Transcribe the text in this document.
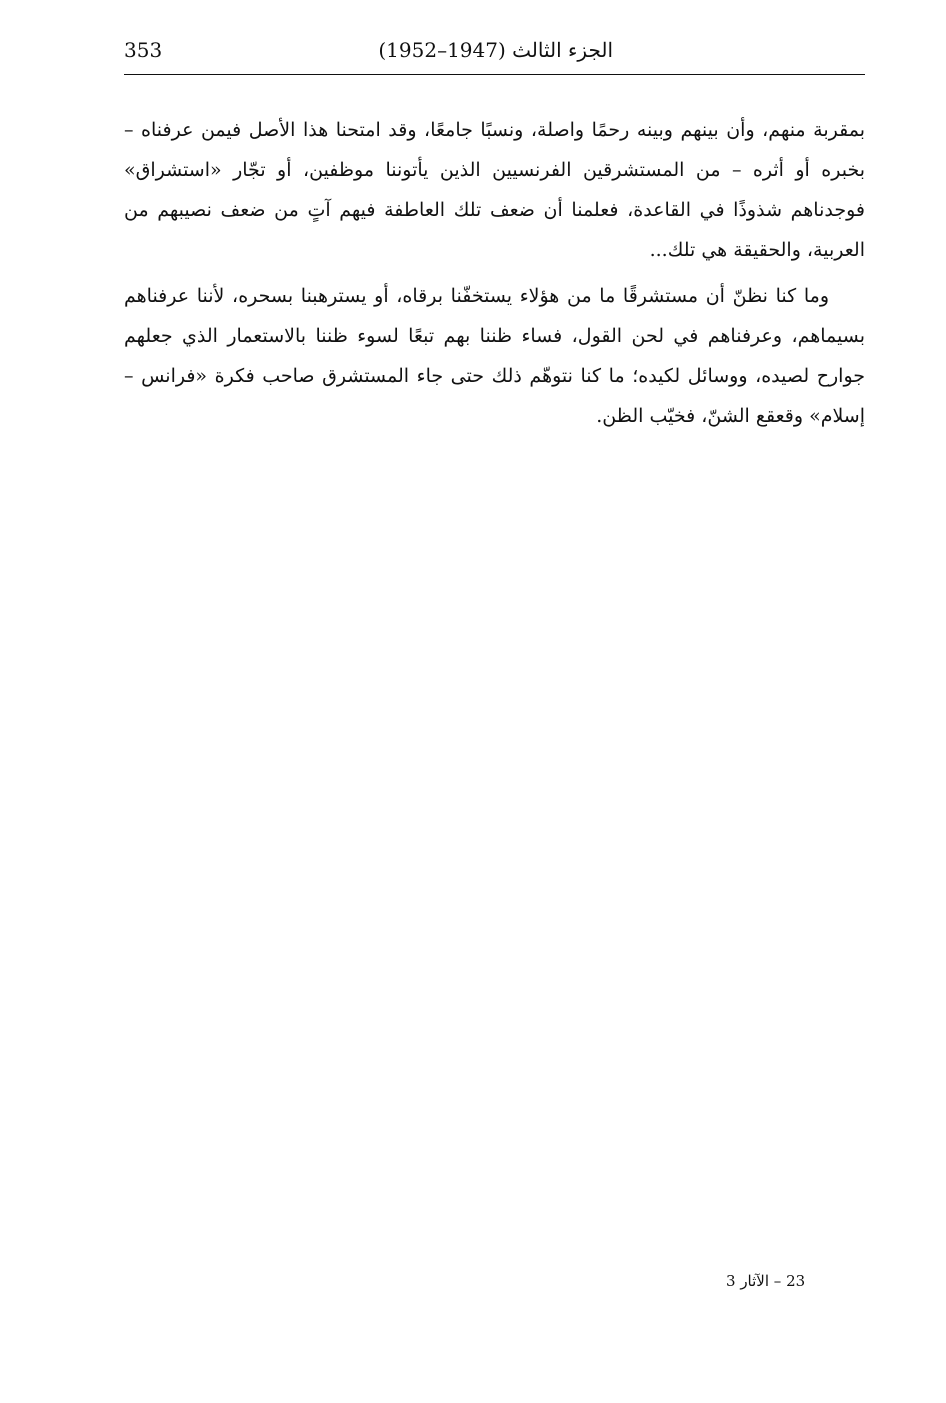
353	الجزء الثالث (1947–1952)

بمقربة منهم، وأن بينهم وبينه رحمًا واصلة، ونسبًا جامعًا، وقد امتحنا هذا الأصل فيمن عرفناه – بخبره أو أثره – من المستشرقين الفرنسيين الذين يأتوننا موظفين، أو تجّار «استشراق» فوجدناهم شذوذًا في القاعدة، فعلمنا أن ضعف تلك العاطفة فيهم آتٍ من ضعف نصيبهم من العربية، والحقيقة هي تلك...

وما كنا نظنّ أن مستشرقًا ما من هؤلاء يستخفّنا برقاه، أو يسترهبنا بسحره، لأننا عرفناهم بسيماهم، وعرفناهم في لحن القول، فساء ظننا بهم تبعًا لسوء ظننا بالاستعمار الذي جعلهم جوارح لصيده، ووسائل لكيده؛ ما كنا نتوهّم ذلك حتى جاء المستشرق صاحب فكرة «فرانس – إسلام» وقعقع الشنّ، فخيّب الظن.

23 – الآثار 3
